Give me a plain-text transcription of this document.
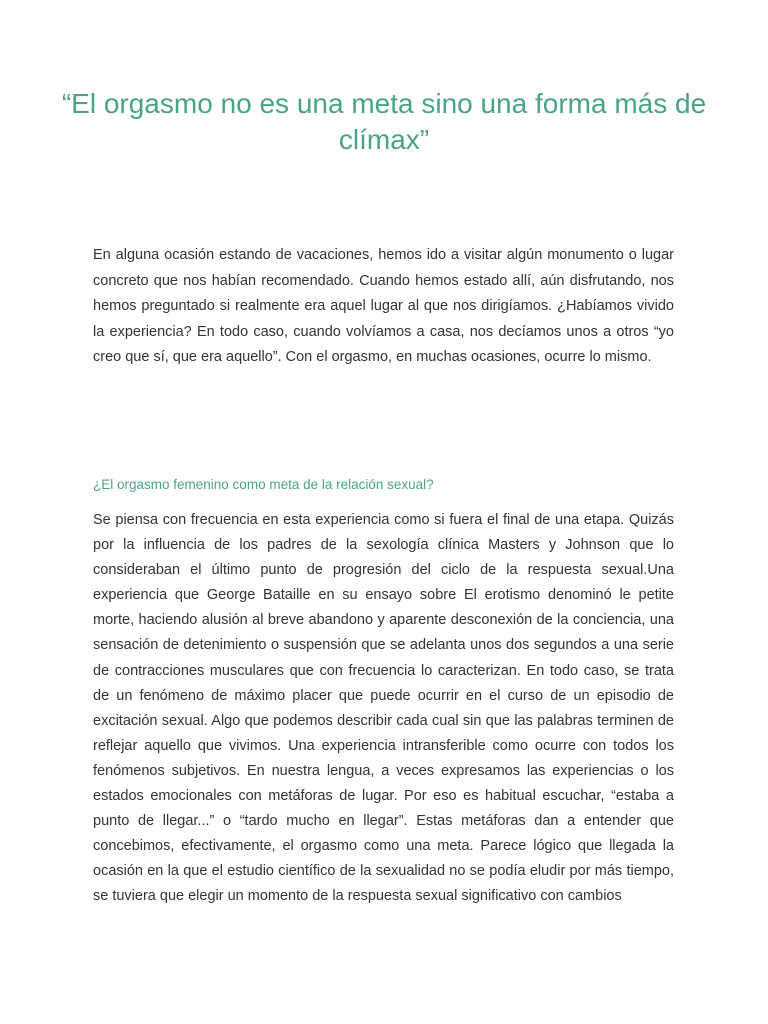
“El orgasmo no es una meta sino una forma más de clímax”

En alguna ocasión estando de vacaciones, hemos ido a visitar algún monumento o lugar concreto que nos habían recomendado. Cuando hemos estado allí, aún disfrutando, nos hemos preguntado si realmente era aquel lugar al que nos dirigíamos. ¿Habíamos vivido la experiencia? En todo caso, cuando volvíamos a casa, nos decíamos unos a otros “yo creo que sí, que era aquello”. Con el orgasmo, en muchas ocasiones, ocurre lo mismo.

¿El orgasmo femenino como meta de la relación sexual?

Se piensa con frecuencia en esta experiencia como si fuera el final de una etapa. Quizás por la influencia de los padres de la sexología clínica Masters y Johnson que lo consideraban el último punto de progresión del ciclo de la respuesta sexual.Una experiencia que George Bataille en su ensayo sobre El erotismo denominó le petite morte, haciendo alusión al breve abandono y aparente desconexión de la conciencia, una sensación de detenimiento o suspensión que se adelanta unos dos segundos a una serie de contracciones musculares que con frecuencia lo caracterizan. En todo caso, se trata de un fenómeno de máximo placer que puede ocurrir en el curso de un episodio de excitación sexual. Algo que podemos describir cada cual sin que las palabras terminen de reflejar aquello que vivimos. Una experiencia intransferible como ocurre con todos los fenómenos subjetivos. En nuestra lengua, a veces expresamos las experiencias o los estados emocionales con metáforas de lugar. Por eso es habitual escuchar, “estaba a punto de llegar...” o “tardo mucho en llegar”. Estas metáforas dan a entender que concebimos, efectivamente, el orgasmo como una meta. Parece lógico que llegada la ocasión en la que el estudio científico de la sexualidad no se podía eludir por más tiempo, se tuviera que elegir un momento de la respuesta sexual significativo con cambios
